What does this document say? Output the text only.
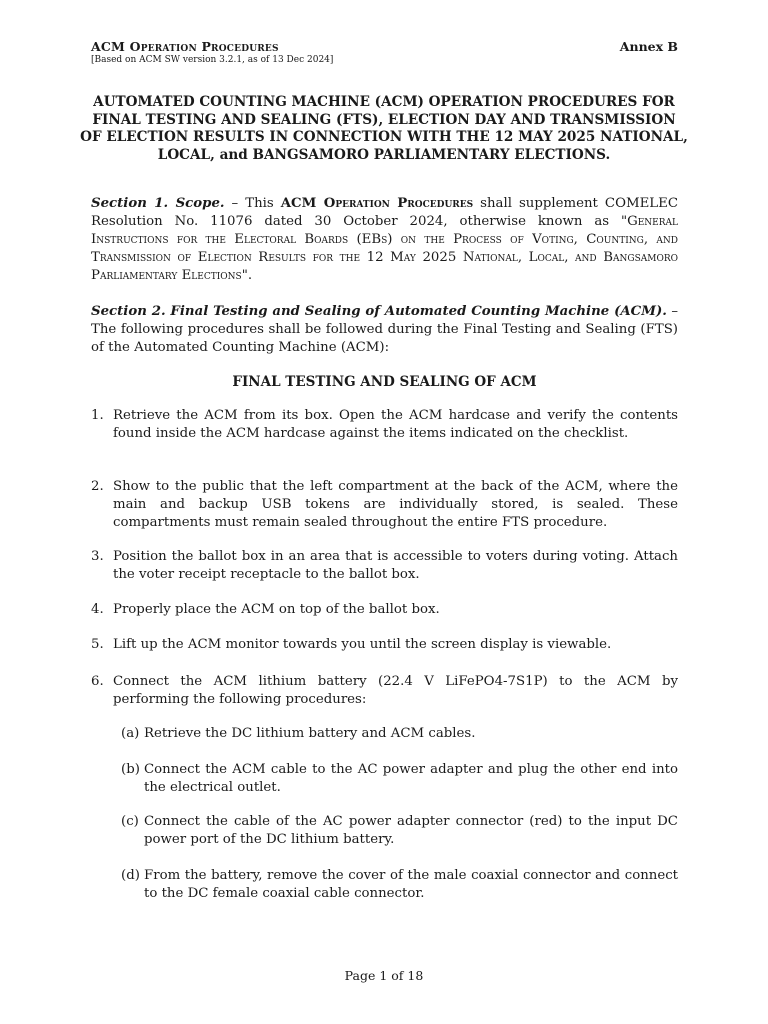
ACM Operation Procedures	Annex B
[Based on ACM SW version 3.2.1, as of 13 Dec 2024]
AUTOMATED COUNTING MACHINE (ACM) OPERATION PROCEDURES FOR FINAL TESTING AND SEALING (FTS), ELECTION DAY AND TRANSMISSION OF ELECTION RESULTS IN CONNECTION WITH THE 12 MAY 2025 NATIONAL, LOCAL, and BANGSAMORO PARLIAMENTARY ELECTIONS.
Section 1. Scope. – This ACM Operation Procedures shall supplement COMELEC Resolution No. 11076 dated 30 October 2024, otherwise known as "General Instructions for the Electoral Boards (EBs) on the Process of Voting, Counting, and Transmission of Election Results for the 12 May 2025 National, Local, and Bangsamoro Parliamentary Elections".
Section 2. Final Testing and Sealing of Automated Counting Machine (ACM). – The following procedures shall be followed during the Final Testing and Sealing (FTS) of the Automated Counting Machine (ACM):
FINAL TESTING AND SEALING OF ACM
1. Retrieve the ACM from its box. Open the ACM hardcase and verify the contents found inside the ACM hardcase against the items indicated on the checklist.
2. Show to the public that the left compartment at the back of the ACM, where the main and backup USB tokens are individually stored, is sealed. These compartments must remain sealed throughout the entire FTS procedure.
3. Position the ballot box in an area that is accessible to voters during voting. Attach the voter receipt receptacle to the ballot box.
4. Properly place the ACM on top of the ballot box.
5. Lift up the ACM monitor towards you until the screen display is viewable.
6. Connect the ACM lithium battery (22.4 V LiFePO4-7S1P) to the ACM by performing the following procedures:
(a) Retrieve the DC lithium battery and ACM cables.
(b) Connect the ACM cable to the AC power adapter and plug the other end into the electrical outlet.
(c) Connect the cable of the AC power adapter connector (red) to the input DC power port of the DC lithium battery.
(d) From the battery, remove the cover of the male coaxial connector and connect to the DC female coaxial cable connector.
Page 1 of 18
